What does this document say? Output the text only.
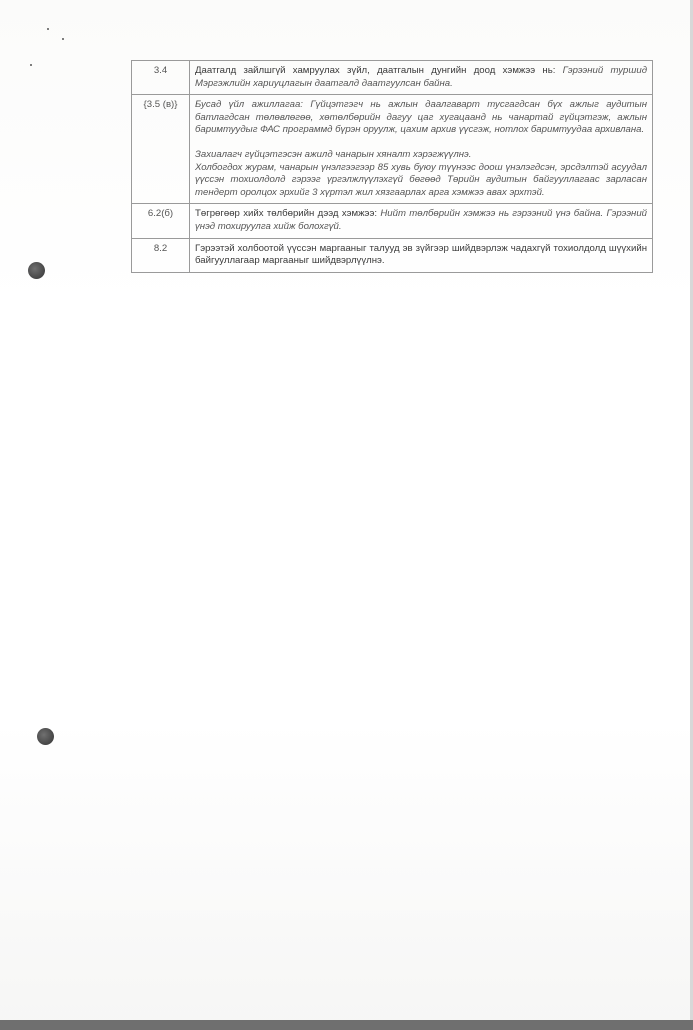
3.4	Даатгалд зайлшгүй хамруулах зүйл, даатгалын дунгийн доод хэмжээ нь: Гэрээний туршид Мэргэжлийн хариуцлагын даатгалд даатгуулсан байна.
{3.5 (в)}	Бусад үйл ажиллагаа: Гүйцэтгэгч нь ажлын даалгаварт тусгагдсан бүх ажлыг аудитын батлагдсан төлөвлөгөө, хөтөлбөрийн дагуу цаг хугацаанд нь чанартай гүйцэтгэж, ажлын баримтуудыг ФАС программд бүрэн оруулж, цахим архив үүсгэж, нотлох баримтуудаа архивлана.
Захиалагч гүйцэтгэсэн ажилд чанарын хяналт хэрэгжүүлнэ.
Холбогдох журам, чанарын үнэлгээгээр 85 хувь буюу түүнээс доош үнэлэгдсэн, эрсдэлтэй асуудал үүссэн тохиолдолд гэрээг үргэлжлүүлэхгүй бөгөөд Төрийн аудитын байгууллагаас зарласан тендерт оролцох эрхийг 3 хүртэл жил хязгаарлах арга хэмжээ авах эрхтэй.

6.2(б)	Төгрөгөөр хийх төлбөрийн дээд хэмжээ: Нийт төлбөрийн хэмжээ нь гэрээний үнэ байна. Гэрээний үнэд тохируулга хийж болохгүй.
8.2	Гэрээтэй холбоотой үүссэн маргааныг талууд эв зүйгээр шийдвэрлэж чадахгүй тохиолдолд шүүхийн байгууллагаар маргааныг шийдвэрлүүлнэ.
